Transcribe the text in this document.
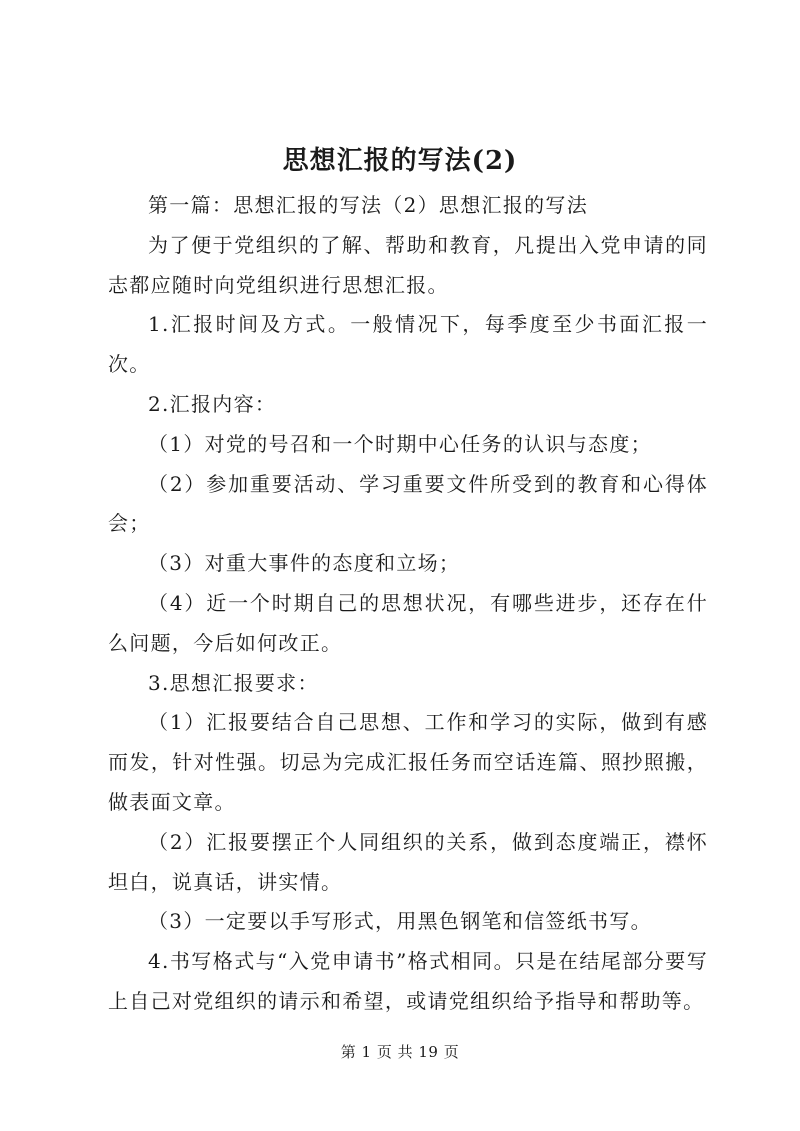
思想汇报的写法(2)

第一篇：思想汇报的写法（2）思想汇报的写法

为了便于党组织的了解、帮助和教育，凡提出入党申请的同志都应随时向党组织进行思想汇报。

1.汇报时间及方式。一般情况下，每季度至少书面汇报一次。

2.汇报内容：

（1）对党的号召和一个时期中心任务的认识与态度；

（2）参加重要活动、学习重要文件所受到的教育和心得体会；

（3）对重大事件的态度和立场；

（4）近一个时期自己的思想状况，有哪些进步，还存在什么问题，今后如何改正。

3.思想汇报要求：

（1）汇报要结合自己思想、工作和学习的实际，做到有感而发，针对性强。切忌为完成汇报任务而空话连篇、照抄照搬，做表面文章。

（2）汇报要摆正个人同组织的关系，做到态度端正，襟怀坦白，说真话，讲实情。

（3）一定要以手写形式，用黑色钢笔和信签纸书写。

4.书写格式与“入党申请书”格式相同。只是在结尾部分要写上自己对党组织的请示和希望，或请党组织给予指导和帮助等。

第 1 页 共 19 页
